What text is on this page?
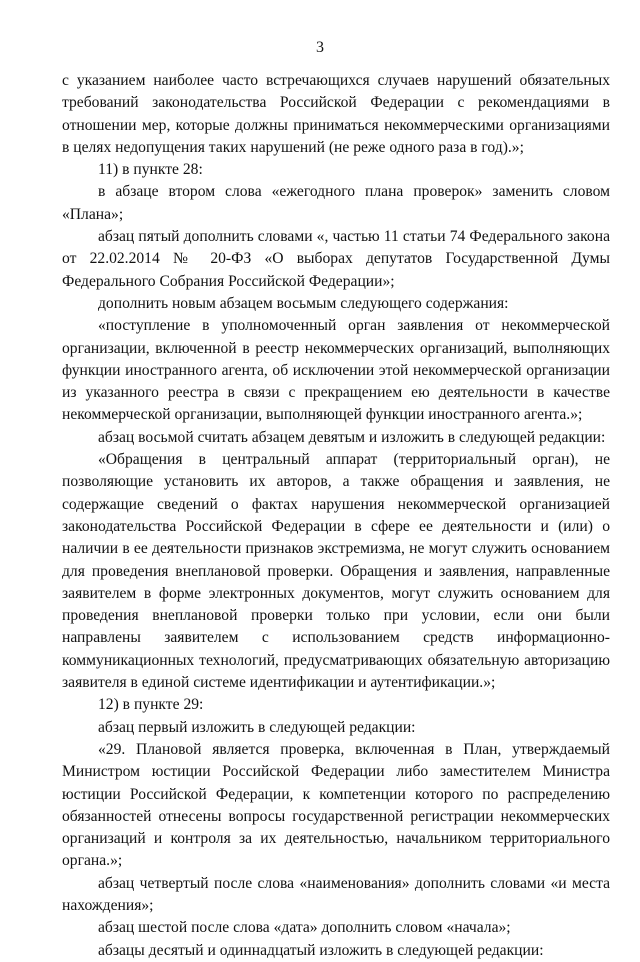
3

с указанием наиболее часто встречающихся случаев нарушений обязательных требований законодательства Российской Федерации с рекомендациями в отношении мер, которые должны приниматься некоммерческими организациями в целях недопущения таких нарушений (не реже одного раза в год).»;

11) в пункте 28:

в абзаце втором слова «ежегодного плана проверок» заменить словом «Плана»;

абзац пятый дополнить словами «, частью 11 статьи 74 Федерального закона от 22.02.2014 № 20-ФЗ «О выборах депутатов Государственной Думы Федерального Собрания Российской Федерации»;

дополнить новым абзацем восьмым следующего содержания:

«поступление в уполномоченный орган заявления от некоммерческой организации, включенной в реестр некоммерческих организаций, выполняющих функции иностранного агента, об исключении этой некоммерческой организации из указанного реестра в связи с прекращением ею деятельности в качестве некоммерческой организации, выполняющей функции иностранного агента.»;

абзац восьмой считать абзацем девятым и изложить в следующей редакции:

«Обращения в центральный аппарат (территориальный орган), не позволяющие установить их авторов, а также обращения и заявления, не содержащие сведений о фактах нарушения некоммерческой организацией законодательства Российской Федерации в сфере ее деятельности и (или) о наличии в ее деятельности признаков экстремизма, не могут служить основанием для проведения внеплановой проверки. Обращения и заявления, направленные заявителем в форме электронных документов, могут служить основанием для проведения внеплановой проверки только при условии, если они были направлены заявителем с использованием средств информационно-коммуникационных технологий, предусматривающих обязательную авторизацию заявителя в единой системе идентификации и аутентификации.»;

12) в пункте 29:

абзац первый изложить в следующей редакции:

«29. Плановой является проверка, включенная в План, утверждаемый Министром юстиции Российской Федерации либо заместителем Министра юстиции Российской Федерации, к компетенции которого по распределению обязанностей отнесены вопросы государственной регистрации некоммерческих организаций и контроля за их деятельностью, начальником территориального органа.»;

абзац четвертый после слова «наименования» дополнить словами «и места нахождения»;

абзац шестой после слова «дата» дополнить словом «начала»;

абзацы десятый и одиннадцатый изложить в следующей редакции:
